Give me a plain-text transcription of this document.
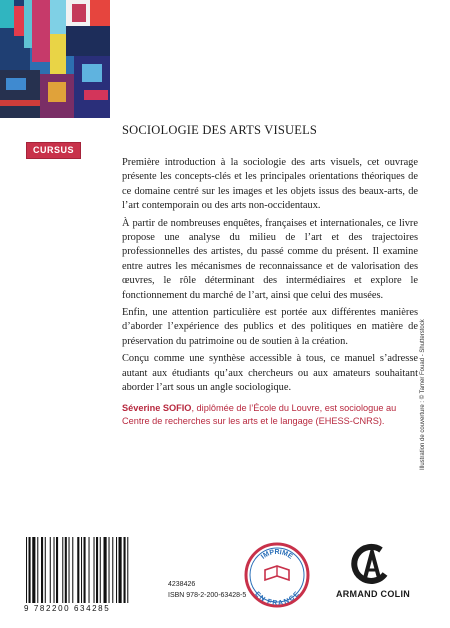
CURSUS
SOCIOLOGIE DES ARTS VISUELS

Première introduction à la sociologie des arts visuels, cet ouvrage présente les concepts-clés et les principales orientations théoriques de ce domaine centré sur les images et les objets issus des beaux-arts, de l’art contemporain ou des arts non-occidentaux.

À partir de nombreuses enquêtes, françaises et internationales, ce livre propose une analyse du milieu de l’art et des trajectoires professionnelles des artistes, du passé comme du présent. Il examine entre autres les mécanismes de reconnaissance et de valorisation des œuvres, le rôle déterminant des intermédiaires et explore le fonctionnement du marché de l’art, ainsi que celui des musées.

Enfin, une attention particulière est portée aux différentes manières d’aborder l’expérience des publics et des politiques en matière de préservation du patrimoine ou de soutien à la création.

Conçu comme une synthèse accessible à tous, ce manuel s’adresse autant aux étudiants qu’aux chercheurs ou aux amateurs souhaitant aborder l’art sous un angle sociologique.

Séverine SOFIO, diplômée de l’École du Louvre, est sociologue au Centre de recherches sur les arts et le langage (EHESS-CNRS).	Illustration de couverture : © Tamer Fouad - Shutterstock
9 782200 634285
4238426
ISBN 978-2-200-63428-5
IMPRIMÉ
EN FRANCE	ARMAND COLIN
